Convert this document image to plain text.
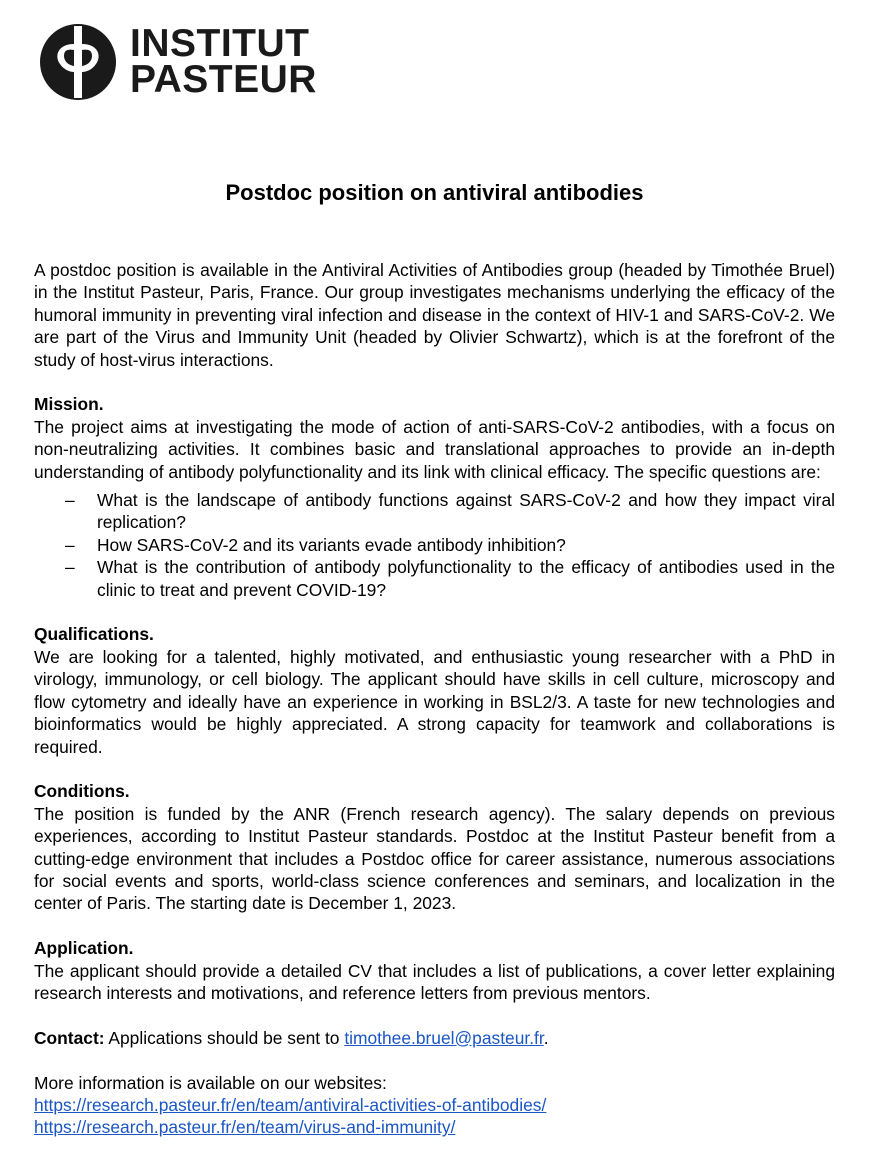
INSTITUT
PASTEUR
Postdoc position on antiviral antibodies

A postdoc position is available in the Antiviral Activities of Antibodies group (headed by Timothée Bruel) in the Institut Pasteur, Paris, France. Our group investigates mechanisms underlying the efficacy of the humoral immunity in preventing viral infection and disease in the context of HIV-1 and SARS-CoV-2. We are part of the Virus and Immunity Unit (headed by Olivier Schwartz), which is at the forefront of the study of host-virus interactions.

Mission.

The project aims at investigating the mode of action of anti-SARS-CoV-2 antibodies, with a focus on non-neutralizing activities. It combines basic and translational approaches to provide an in-depth understanding of antibody polyfunctionality and its link with clinical efficacy. The specific questions are:

– What is the landscape of antibody functions against SARS-CoV-2 and how they impact viral replication?
– How SARS-CoV-2 and its variants evade antibody inhibition?
– What is the contribution of antibody polyfunctionality to the efficacy of antibodies used in the clinic to treat and prevent COVID-19?
Qualifications.

We are looking for a talented, highly motivated, and enthusiastic young researcher with a PhD in virology, immunology, or cell biology. The applicant should have skills in cell culture, microscopy and flow cytometry and ideally have an experience in working in BSL2/3. A taste for new technologies and bioinformatics would be highly appreciated. A strong capacity for teamwork and collaborations is required.

Conditions.

The position is funded by the ANR (French research agency). The salary depends on previous experiences, according to Institut Pasteur standards. Postdoc at the Institut Pasteur benefit from a cutting-edge environment that includes a Postdoc office for career assistance, numerous associations for social events and sports, world-class science conferences and seminars, and localization in the center of Paris. The starting date is December 1, 2023.

Application.

The applicant should provide a detailed CV that includes a list of publications, a cover letter explaining research interests and motivations, and reference letters from previous mentors.

Contact: Applications should be sent to timothee.bruel@pasteur.fr.

More information is available on our websites:

https://research.pasteur.fr/en/team/antiviral-activities-of-antibodies/
https://research.pasteur.fr/en/team/virus-and-immunity/
